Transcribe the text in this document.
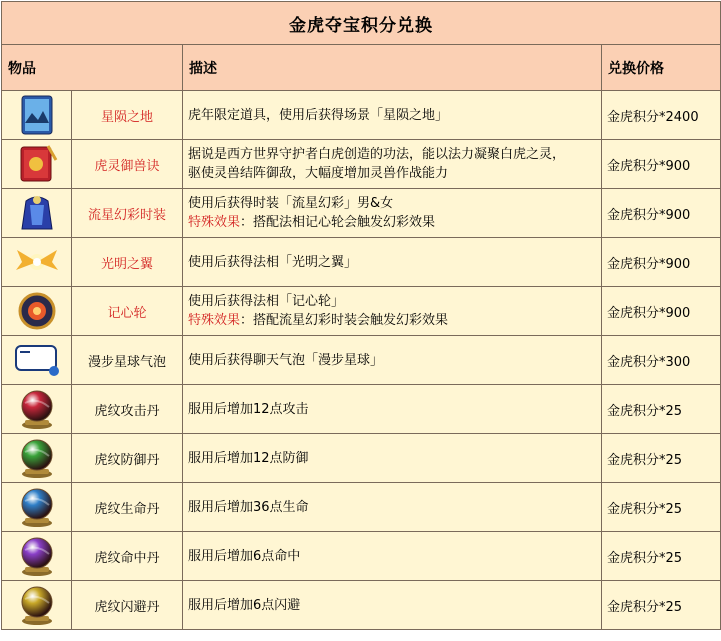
金虎夺宝积分兑换			
物品		描述	兑换价格

	星陨之地	虎年限定道具，使用后获得场景「星陨之地」	金虎积分*2400

	虎灵御兽诀	据说是西方世界守护者白虎创造的功法，能以法力凝聚白虎之灵，
驱使灵兽结阵御敌，大幅度增加灵兽作战能力	金虎积分*900

	流星幻彩时装	使用后获得时装「流星幻彩」男&女
特殊效果：搭配法相记心轮会触发幻彩效果	金虎积分*900

	光明之翼	使用后获得法相「光明之翼」	金虎积分*900

	记心轮	使用后获得法相「记心轮」
特殊效果：搭配流星幻彩时装会触发幻彩效果	金虎积分*900

	漫步星球气泡	使用后获得聊天气泡「漫步星球」	金虎积分*300

	虎纹攻击丹	服用后增加12点攻击	金虎积分*25

	虎纹防御丹	服用后增加12点防御	金虎积分*25

	虎纹生命丹	服用后增加36点生命	金虎积分*25

	虎纹命中丹	服用后增加6点命中	金虎积分*25

	虎纹闪避丹	服用后增加6点闪避	金虎积分*25
